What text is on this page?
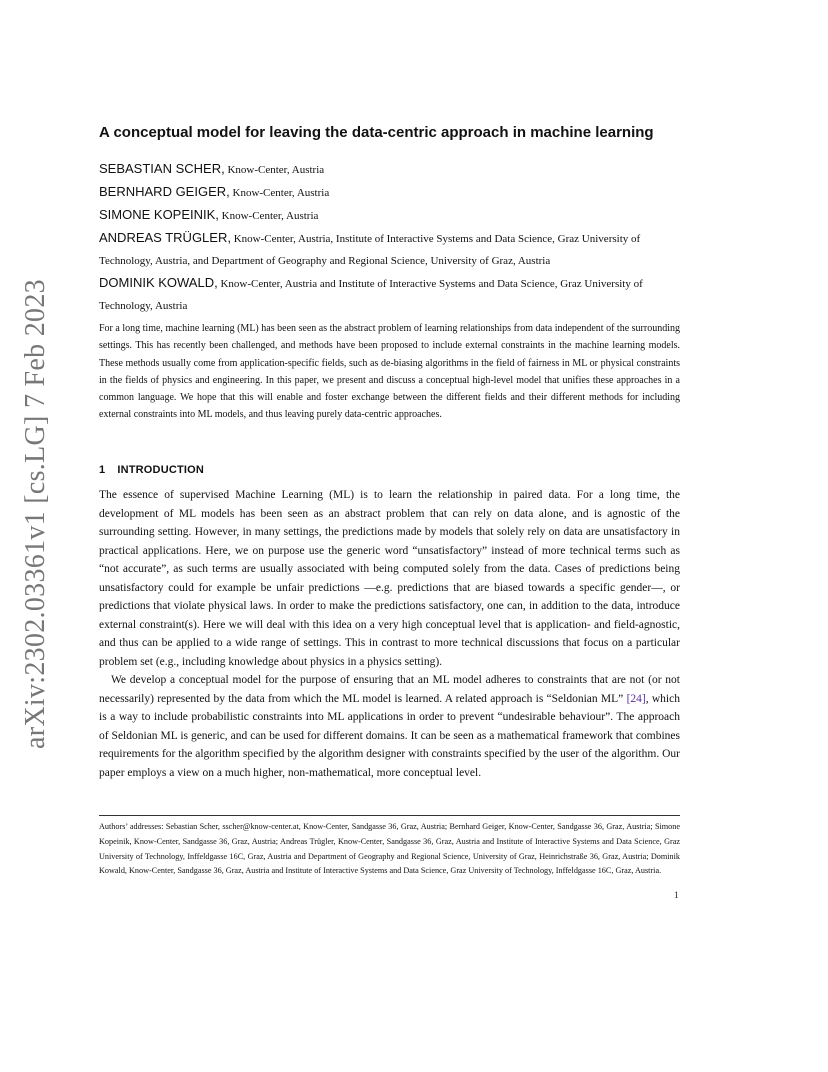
arXiv:2302.03361v1 [cs.LG] 7 Feb 2023
A conceptual model for leaving the data-centric approach in machine learning
SEBASTIAN SCHER, Know-Center, Austria
BERNHARD GEIGER, Know-Center, Austria
SIMONE KOPEINIK, Know-Center, Austria
ANDREAS TRÜGLER, Know-Center, Austria, Institute of Interactive Systems and Data Science, Graz University of Technology, Austria, and Department of Geography and Regional Science, University of Graz, Austria
DOMINIK KOWALD, Know-Center, Austria and Institute of Interactive Systems and Data Science, Graz University of Technology, Austria
For a long time, machine learning (ML) has been seen as the abstract problem of learning relationships from data independent of the surrounding settings. This has recently been challenged, and methods have been proposed to include external constraints in the machine learning models. These methods usually come from application-specific fields, such as de-biasing algorithms in the field of fairness in ML or physical constraints in the fields of physics and engineering. In this paper, we present and discuss a conceptual high-level model that unifies these approaches in a common language. We hope that this will enable and foster exchange between the different fields and their different methods for including external constraints into ML models, and thus leaving purely data-centric approaches.
1 INTRODUCTION

The essence of supervised Machine Learning (ML) is to learn the relationship in paired data. For a long time, the development of ML models has been seen as an abstract problem that can rely on data alone, and is agnostic of the surrounding setting. However, in many settings, the predictions made by models that solely rely on data are unsatisfactory in practical applications. Here, we on purpose use the generic word “unsatisfactory” instead of more technical terms such as “not accurate”, as such terms are usually associated with being computed solely from the data. Cases of predictions being unsatisfactory could for example be unfair predictions —e.g. predictions that are biased towards a specific gender—, or predictions that violate physical laws. In order to make the predictions satisfactory, one can, in addition to the data, introduce external constraint(s). Here we will deal with this idea on a very high conceptual level that is application- and field-agnostic, and thus can be applied to a wide range of settings. This in contrast to more technical discussions that focus on a particular problem set (e.g., including knowledge about physics in a physics setting).

We develop a conceptual model for the purpose of ensuring that an ML model adheres to constraints that are not (or not necessarily) represented by the data from which the ML model is learned. A related approach is “Seldonian ML” [24], which is a way to include probabilistic constraints into ML applications in order to prevent “undesirable behaviour”. The approach of Seldonian ML is generic, and can be used for different domains. It can be seen as a mathematical framework that combines requirements for the algorithm specified by the algorithm designer with constraints specified by the user of the algorithm. Our paper employs a view on a much higher, non-mathematical, more conceptual level.

Authors’ addresses: Sebastian Scher, sscher@know-center.at, Know-Center, Sandgasse 36, Graz, Austria; Bernhard Geiger, Know-Center, Sandgasse 36, Graz, Austria; Simone Kopeinik, Know-Center, Sandgasse 36, Graz, Austria; Andreas Trügler, Know-Center, Sandgasse 36, Graz, Austria and Institute of Interactive Systems and Data Science, Graz University of Technology, Inffeldgasse 16C, Graz, Austria and Department of Geography and Regional Science, University of Graz, Heinrichstraße 36, Graz, Austria; Dominik Kowald, Know-Center, Sandgasse 36, Graz, Austria and Institute of Interactive Systems and Data Science, Graz University of Technology, Inffeldgasse 16C, Graz, Austria.
1
